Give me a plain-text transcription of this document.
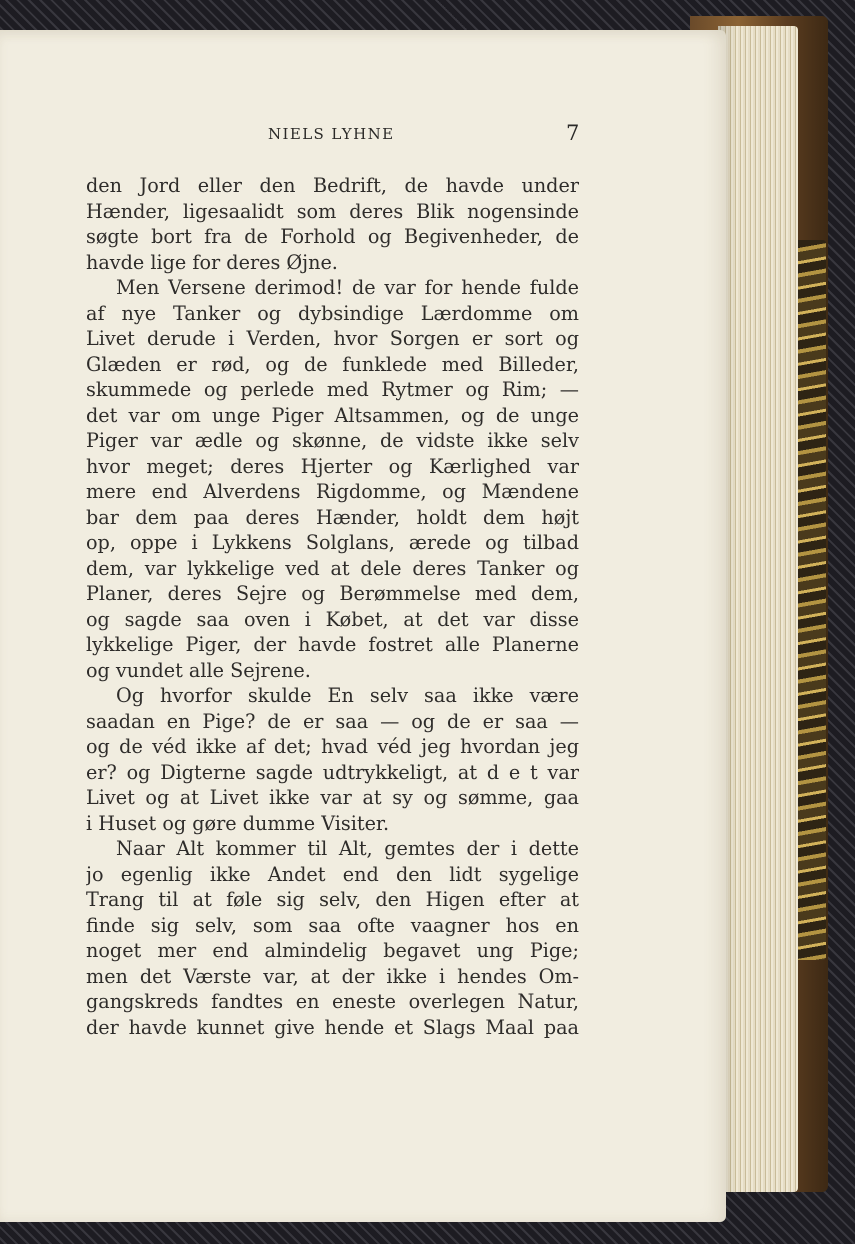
NIELS LYHNE	7
den Jord eller den Bedrift, de havde under
Hænder, ligesaalidt som deres Blik nogensinde
søgte bort fra de Forhold og Begivenheder, de
havde lige for deres Øjne.
Men Versene derimod! de var for hende fulde
af nye Tanker og dybsindige Lærdomme om
Livet derude i Verden, hvor Sorgen er sort og
Glæden er rød, og de funklede med Billeder,
skummede og perlede med Rytmer og Rim; —
det var om unge Piger Altsammen, og de unge
Piger var ædle og skønne, de vidste ikke selv
hvor meget; deres Hjerter og Kærlighed var
mere end Alverdens Rigdomme, og Mændene
bar dem paa deres Hænder, holdt dem højt
op, oppe i Lykkens Solglans, ærede og tilbad
dem, var lykkelige ved at dele deres Tanker og
Planer, deres Sejre og Berømmelse med dem,
og sagde saa oven i Købet, at det var disse
lykkelige Piger, der havde fostret alle Planerne
og vundet alle Sejrene.
Og hvorfor skulde En selv saa ikke være
saadan en Pige? de er saa — og de er saa —
og de véd ikke af det; hvad véd jeg hvordan jeg
er? og Digterne sagde udtrykkeligt, at d e t var
Livet og at Livet ikke var at sy og sømme, gaa
i Huset og gøre dumme Visiter.
Naar Alt kommer til Alt, gemtes der i dette
jo egenlig ikke Andet end den lidt sygelige
Trang til at føle sig selv, den Higen efter at
finde sig selv, som saa ofte vaagner hos en
noget mer end almindelig begavet ung Pige;
men det Værste var, at der ikke i hendes Om-
gangskreds fandtes en eneste overlegen Natur,
der havde kunnet give hende et Slags Maal paa
